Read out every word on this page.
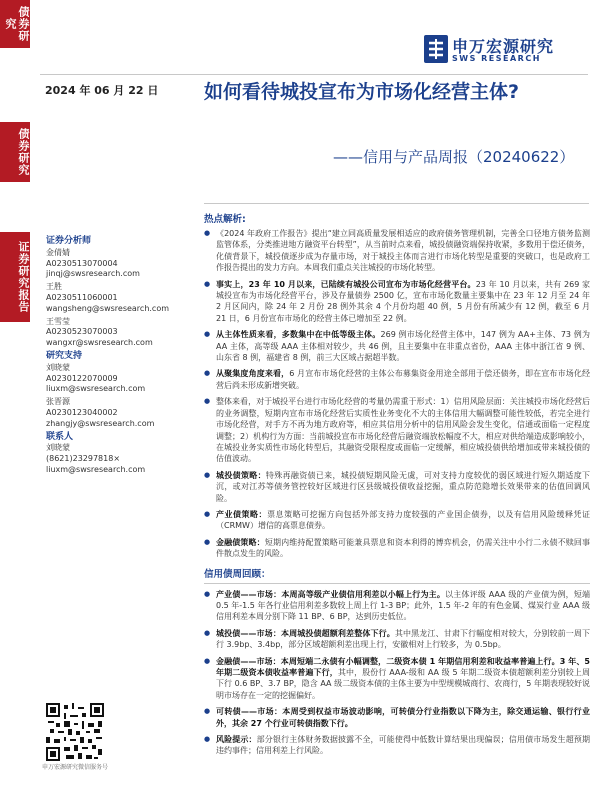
债券研究
债券研究
证券研究报告
申万宏源研究
SWS RESEARCH
2024 年 06 月 22 日 如何看待城投宣布为市场化经营主体?
——信用与产品周报（20240622）
证券分析师
金倩婧
A0230513070004
jinqj@swsresearch.com
王胜
A0230511060001
wangsheng@swsresearch.com
王雪莹
A0230523070003
wangxr@swsresearch.com
研究支持
刘晓蒙
A0230122070009
liuxm@swsresearch.com
张晋源
A0230123040002
zhangjy@swsresearch.com
联系人
刘晓蒙
(8621)23297818×
liuxm@swsresearch.com
申万宏源研究微信服务号
热点解析:
● 《2024 年政府工作报告》提出“建立同高质量发展相适应的政府债务管理机制，完善全口径地方债务监测监管体系，分类推进地方融资平台转型”，从当前时点来看，城投债融资端保持收紧，多数用于偿还债务，化债背景下，城投债逐步成为存量市场，对于城投主体而言进行市场化转型是重要的突破口，也是政府工作报告提出的发力方向。本周我们重点关注城投的市场化转型。
● 事实上，23 年 10 月以来，已陆续有城投公司宣布为市场化经营平台。23 年 10 月以来，共有 269 家城投宣布为市场化经营平台，涉及存量债券 2500 亿，宣布市场化数量主要集中在 23 年 12 月至 24 年 2 月区间内，除 24 年 2 月份 28 例外其余 4 个月份均超 40 例，5 月份有所减少有 12 例，截至 6 月 21 日，6 月份宣布市场化的经营主体已增加至 22 例。
● 从主体性质来看，多数集中在中低等级主体。269 例市场化经营主体中，147 例为 AA+主体、73 例为 AA 主体，高等级 AAA 主体相对较少，共 46 例，且主要集中在非重点省份，AAA 主体中浙江省 9 例、山东省 8 例，福建省 8 例，前三大区域占据超半数。
● 从聚集度角度来看，6 月宣布市场化经营的主体公布募集资金用途全部用于偿还债务，即在宣布市场化经营后尚未形成新增突破。
● 整体来看，对于城投平台进行市场化经营的考量仍需重于形式：1）信用风险层面：关注城投市场化经营后的业务调整，短期内宣布市场化经营后实质性业务变化不大的主体信用大幅调整可能性较低，若完全进行市场化经营，对手方不再为地方政府等，相应其信用分析中的信用风险会发生变化，信通或面临一定程度调整；2）机构行为方面：当前城投宣布市场化经营后融资端放松幅度不大，相应对供给端造成影响较小，在城投业务实质性市场化转型后，其融资受限程度或面临一定缓解，相应城投债供给增加或带来城投债的估值波动。
● 城投债策略：特殊再融资债已来，城投债短期风险无虞，可对支持力度较优的弱区域进行短久期适度下沉，或对江苏等债务管控较好区域进行区县级城投债收益挖掘，重点防范隐增长效果带来的估值回调风险。
● 产业债策略：票息策略可挖掘方向包括外部支持力度较强的产业国企债券，以及有信用风险缓释凭证（CRMW）增信的高票息债券。
● 金融债策略：短期内维持配置策略可能兼具票息和资本利得的博弈机会，仍需关注中小行二永债不赎回事件散点发生的风险。
信用债周回顾：
● 产业债——市场：本周高等级产业债信用利差以小幅上行为主。以主体评级 AAA 级的产业债为例，短端 0.5 年-1.5 年各行业信用利差多数较上周上行 1-3 BP；此外，1.5 年-2 年的有色金属、煤炭行业 AAA 级信用利差本周分别下降 11 BP、6 BP，达到历史低位。
● 城投债——市场：本周城投债超额利差整体下行。其中黑龙江、甘肃下行幅度相对较大，分别较前一周下行 3.9bp、3.4bp，部分区域超额利差出现上行，安徽相对上行较多，为 0.5bp。
● 金融债——市场：本周短端二永债有小幅调整，二级资本债 1 年期信用利差和收益率普遍上行。3 年、5 年期二级资本债收益率普遍下行，其中，股份行 AAA-级和 AA 级 5 年期二级资本债超额利差分别较上周下行 0.6 BP、3.7 BP，隐含 AA 级二级资本债的主体主要为中型规模城商行、农商行，5 年期表现较好说明市场存在一定的挖掘偏好。
● 可转债——市场：本周受到权益市场波动影响，可转债分行业指数以下降为主，除交通运输、银行行业外，其余 27 个行业可转债指数下行。
● 风险提示：部分银行主体财务数据披露不全，可能使得中低数计算结果出现偏误；信用债市场发生超预期违约事件；信用利差上行风险。
